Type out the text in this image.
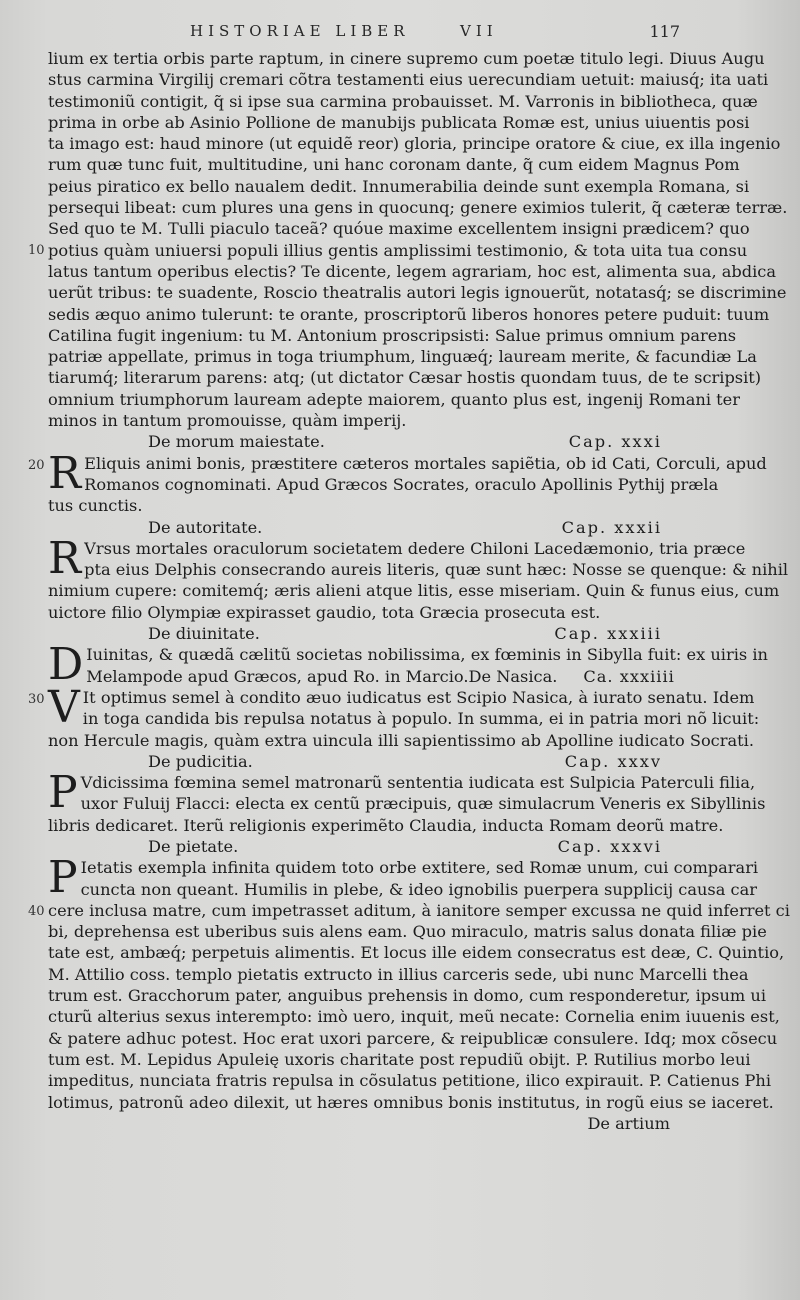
HISTORIAE LIBER	VII	117
10
lium ex tertia orbis parte raptum, in cinere supremo cum poetæ titulo legi. Diuus Augu
stus carmina Virgilij cremari cõtra testamenti eius uerecundiam uetuit: maiusq́; ita uati
testimoniũ contigit, q̃ si ipse sua carmina probauisset. M. Varronis in bibliotheca, quæ
prima in orbe ab Asinio Pollione de manubijs publicata Romæ est, unius uiuentis posi
ta imago est: haud minore (ut equidẽ reor) gloria, principe oratore & ciue, ex illa ingenio
rum quæ tunc fuit, multitudine, uni hanc coronam dante, q̃ cum eidem Magnus Pom
peius piratico ex bello naualem dedit. Innumerabilia deinde sunt exempla Romana, si
persequi libeat: cum plures una gens in quocunq; genere eximios tulerit, q̃ cæteræ terræ.
Sed quo te M. Tulli piaculo taceã? quóue maxime excellentem insigni prædicem? quo
potius quàm uniuersi populi illius gentis amplissimi testimonio, & tota uita tua consu
latus tantum operibus electis? Te dicente, legem agrariam, hoc est, alimenta sua, abdica
uerũt tribus: te suadente, Roscio theatralis autori legis ignouerũt, notatasq́; se discrimine
sedis æquo animo tulerunt: te orante, proscriptorũ liberos honores petere puduit: tuum
Catilina fugit ingenium: tu M. Antonium proscripsisti: Salue primus omnium parens
patriæ appellate, primus in toga triumphum, linguæq́; lauream merite, & facundiæ La
tiarumq́; literarum parens: atq; (ut dictator Cæsar hostis quondam tuus, de te scripsit)
omnium triumphorum lauream adepte maiorem, quanto plus est, ingenij Romani ter
minos in tantum promouisse, quàm imperij.
De morum maiestate.	Cap. xxxi
20 R Eliquis animi bonis, præstitere cæteros mortales sapiẽtia, ob id Cati, Corculi, apud
Romanos cognominati. Apud Græcos Socrates, oraculo Apollinis Pythij præla
tus cunctis.
De autoritate.	Cap. xxxii
R Vrsus mortales oraculorum societatem dedere Chiloni Lacedæmonio, tria præce
pta eius Delphis consecrando aureis literis, quæ sunt hæc: Nosse se quenque: & nihil
nimium cupere: comitemq́; æris alieni atque litis, esse miseriam. Quin & funus eius, cum
uictore filio Olympiæ expirasset gaudio, tota Græcia prosecuta est.
De diuinitate.	Cap. xxxiii
D Iuinitas, & quædã cælitũ societas nobilissima, ex fœminis in Sibylla fuit: ex uiris in
Melampode apud Græcos, apud Ro. in Marcio. De Nasica. Ca. xxxiiii
30 V It optimus semel à condito æuo iudicatus est Scipio Nasica, à iurato senatu. Idem
in toga candida bis repulsa notatus à populo. In summa, ei in patria mori nõ licuit:
non Hercule magis, quàm extra uincula illi sapientissimo ab Apolline iudicato Socrati.
De pudicitia.	Cap. xxxv
P Vdicissima fœmina semel matronarũ sententia iudicata est Sulpicia Paterculi filia,
uxor Fuluij Flacci: electa ex centũ præcipuis, quæ simulacrum Veneris ex Sibyllinis
libris dedicaret. Iterũ religionis experimẽto Claudia, inducta Romam deorũ matre.
De pietate.	Cap. xxxvi
40
P Ietatis exempla infinita quidem toto orbe extitere, sed Romæ unum, cui comparari
cuncta non queant. Humilis in plebe, & ideo ignobilis puerpera supplicij causa car
cere inclusa matre, cum impetrasset aditum, à ianitore semper excussa ne quid inferret ci
bi, deprehensa est uberibus suis alens eam. Quo miraculo, matris salus donata filiæ pie
tate est, ambæq́; perpetuis alimentis. Et locus ille eidem consecratus est deæ, C. Quintio,
M. Attilio coss. templo pietatis extructo in illius carceris sede, ubi nunc Marcelli thea
trum est. Gracchorum pater, anguibus prehensis in domo, cum responderetur, ipsum ui
cturũ alterius sexus interempto: imò uero, inquit, meũ necate: Cornelia enim iuuenis est,
& patere adhuc potest. Hoc erat uxori parcere, & reipublicæ consulere. Idq; mox cõsecu
tum est. M. Lepidus Apuleię uxoris charitate post repudiũ obijt. P. Rutilius morbo leui
impeditus, nunciata fratris repulsa in cõsulatus petitione, ilico expirauit. P. Catienus Phi
lotimus, patronũ adeo dilexit, ut hæres omnibus bonis institutus, in rogũ eius se iaceret.
De artium
